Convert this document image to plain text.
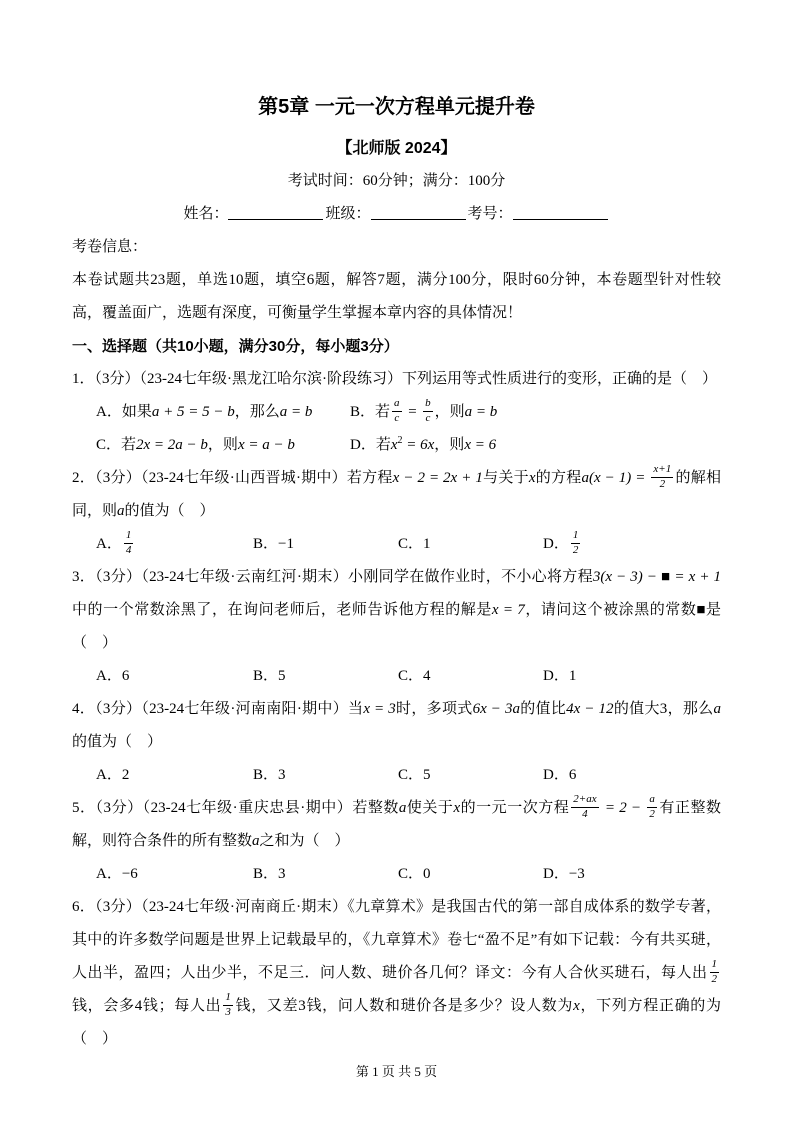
第5章 一元一次方程单元提升卷
【北师版 2024】
考试时间：60分钟；满分：100分
姓名：	班级：	考号：
考卷信息：

本卷试题共23题，单选10题，填空6题，解答7题，满分100分，限时60分钟，本卷题型针对性较高，覆盖面广，选题有深度，可衡量学生掌握本章内容的具体情况！

一、选择题（共10小题，满分30分，每小题3分）
1．（3分）（23-24七年级·黑龙江哈尔滨·阶段练习）下列运用等式性质进行的变形，正确的是（　）
A．如果a + 5 = 5 − b，那么a = b	B．若 $\frac{a}{c} = \frac{b}{c}$ ，则a = b
C．若2x = 2a − b，则x = a − b	D．若$x^2 = 6x$，则x = 6
2．（3分）（23-24七年级·山西晋城·期中）若方程x − 2 = 2x + 1与关于x的方程$a(x - 1) = \frac{x+1}{2}$ 的解相同，则a的值为（　）
A． $\frac{1}{4}$	B．−1	C．1	D． $\frac{1}{2}$
3．（3分）（23-24七年级·云南红河·期末）小刚同学在做作业时，不小心将方程3(x − 3) − ■ = x + 1中的一个常数涂黑了，在询问老师后，老师告诉他方程的解是x = 7，请问这个被涂黑的常数■是（　）
A．6	B．5	C．4	D．1
4．（3分）（23-24七年级·河南南阳·期中）当x = 3时，多项式6x − 3a的值比4x − 12的值大3，那么a的值为（　）
A．2	B．3	C．5	D．6
5．（3分）（23-24七年级·重庆忠县·期中）若整数a使关于x的一元一次方程 $\frac{2+ax}{4} = 2 - \frac{a}{2}$ 有正整数解，则符合条件的所有整数a之和为（　）
A．−6	B．3	C．0	D．−3
6．（3分）（23-24七年级·河南商丘·期末）《九章算术》是我国古代的第一部自成体系的数学专著，其中的许多数学问题是世界上记载最早的，《九章算术》卷七“盈不足”有如下记载：今有共买琎，人出半，盈四；人出少半，不足三．问人数、琎价各几何？译文：今有人合伙买琎石，每人出 $\frac{1}{2}$
钱，会多4钱；每人出 $\frac{1}{3}$ 钱，又差3钱，问人数和琎价各是多少？设人数为x，下列方程正确的为（　）
第 1 页 共 5 页
